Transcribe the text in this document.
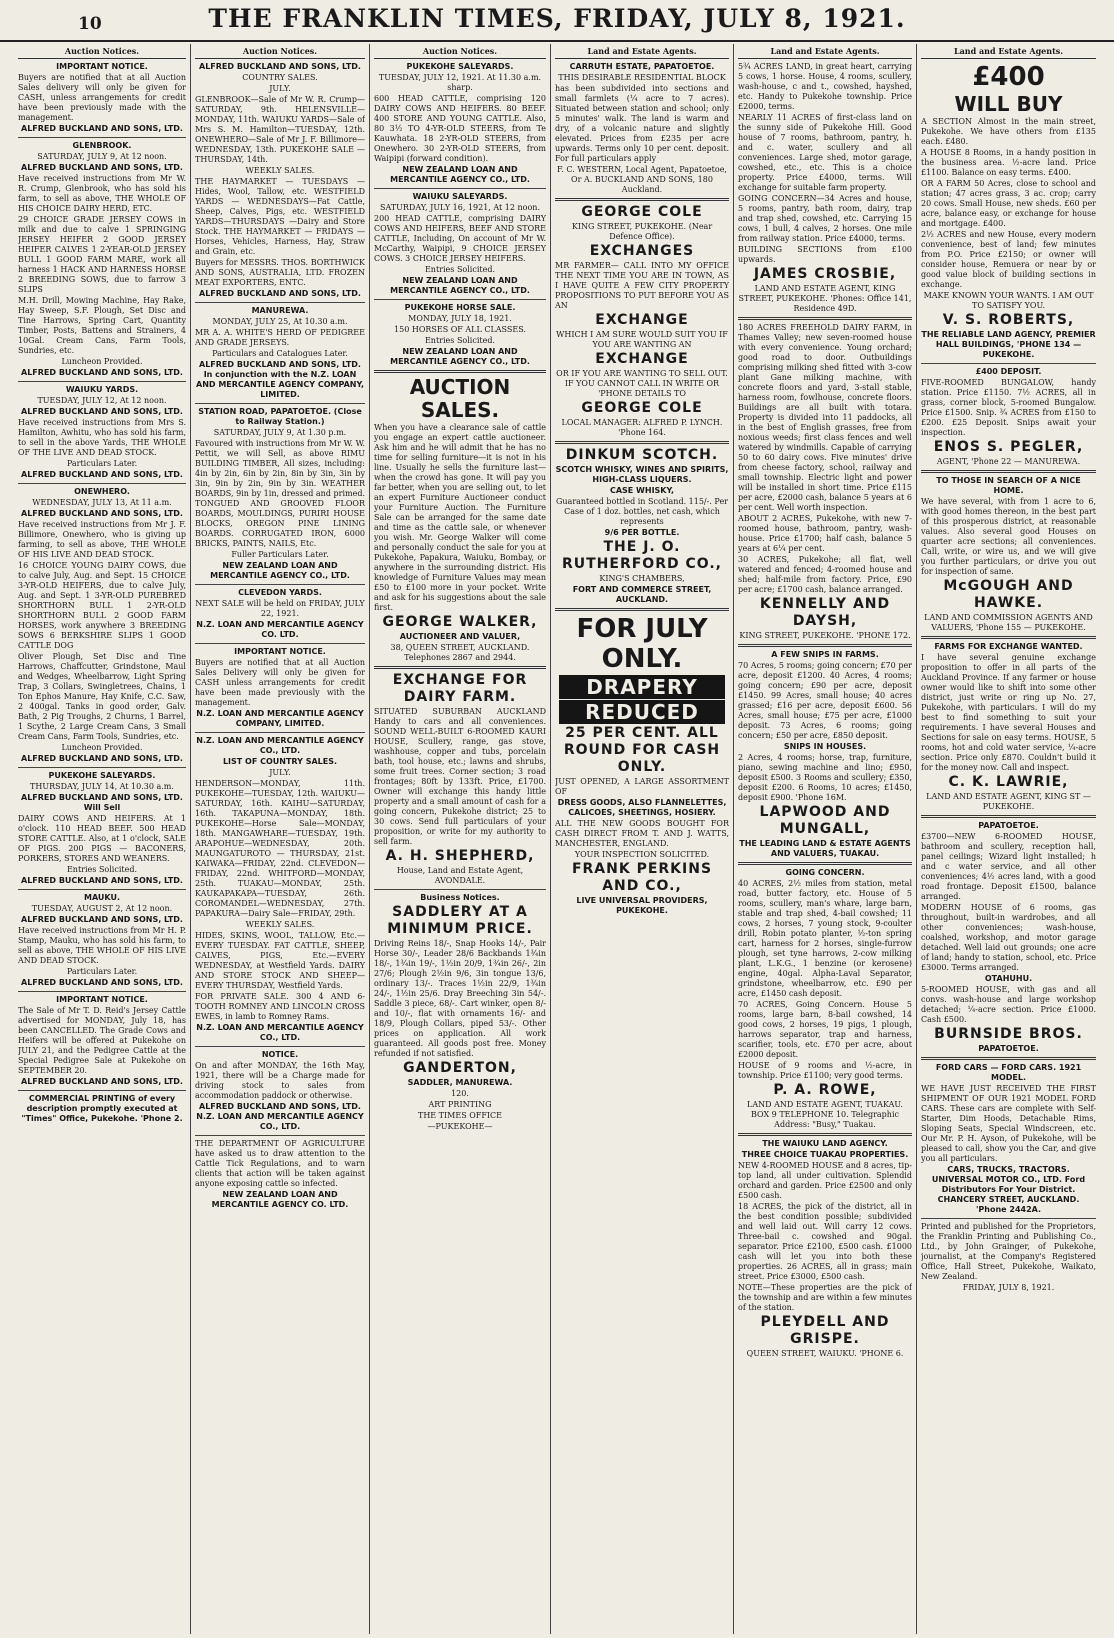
10	THE FRANKLIN TIMES, FRIDAY, JULY 8, 1921.
Auction Notices.
IMPORTANT NOTICE.
Buyers are notified that at all Auction Sales delivery will only be given for CASH, unless arrangements for credit have been previously made with the management.
ALFRED BUCKLAND AND SONS, LTD.
GLENBROOK.
SATURDAY, JULY 9, At 12 noon.
ALFRED BUCKLAND AND SONS, LTD.
Have received instructions from Mr W. R. Crump, Glenbrook, who has sold his farm, to sell as above, THE WHOLE OF HIS CHOICE DAIRY HERD, ETC.
29 CHOICE GRADE JERSEY COWS in milk and due to calve 1 SPRINGING JERSEY HEIFER 2 GOOD JERSEY HEIFER CALVES 1 2-YEAR-OLD JERSEY BULL 1 GOOD FARM MARE, work all harness 1 HACK AND HARNESS HORSE 2 BREEDING SOWS, due to farrow 3 SLIPS
M.H. Drill, Mowing Machine, Hay Rake, Hay Sweep, S.F. Plough, Set Disc and Tine Harrows, Spring Cart, Quantity Timber, Posts, Battens and Strainers, 4 10Gal. Cream Cans, Farm Tools, Sundries, etc.
Luncheon Provided.
ALFRED BUCKLAND AND SONS, LTD.
WAIUKU YARDS.
TUESDAY, JULY 12, At 12 noon.
ALFRED BUCKLAND AND SONS, LTD.
Have received instructions from Mrs S. Hamilton, Awhitu, who has sold his farm, to sell in the above Yards, THE WHOLE OF THE LIVE AND DEAD STOCK.
Particulars Later.
ALFRED BUCKLAND AND SONS, LTD.
ONEWHERO.
WEDNESDAY, JULY 13, At 11 a.m.
ALFRED BUCKLAND AND SONS, LTD.
Have received instructions from Mr J. F. Billimore, Onewhero, who is giving up farming, to sell as above, THE WHOLE OF HIS LIVE AND DEAD STOCK.
16 CHOICE YOUNG DAIRY COWS, due to calve July, Aug. and Sept. 15 CHOICE 3-YR-OLD HEIFERS, due to calve July, Aug. and Sept. 1 3-YR-OLD PUREBRED SHORTHORN BULL 1 2-YR-OLD SHORTHORN BULL 2 GOOD FARM HORSES, work anywhere 3 BREEDING SOWS 6 BERKSHIRE SLIPS 1 GOOD CATTLE DOG
Oliver Plough, Set Disc and Tine Harrows, Chaffcutter, Grindstone, Maul and Wedges, Wheelbarrow, Light Spring Trap, 3 Collars, Swingletrees, Chains, 1 Ton Ephos Manure, Hay Knife, C.C. Saw, 2 400gal. Tanks in good order, Galv. Bath, 2 Pig Troughs, 2 Churns, 1 Barrel, 1 Scythe, 2 Large Cream Cans, 3 Small Cream Cans, Farm Tools, Sundries, etc.
Luncheon Provided.
ALFRED BUCKLAND AND SONS, LTD.
PUKEKOHE SALEYARDS.
THURSDAY, JULY 14, At 10.30 a.m.
ALFRED BUCKLAND AND SONS, LTD. Will Sell
DAIRY COWS AND HEIFERS. At 1 o'clock. 110 HEAD BEEF. 500 HEAD STORE CATTLE. Also, at 1 o'clock, SALE OF PIGS. 200 PIGS — BACONERS, PORKERS, STORES AND WEANERS.
Entries Solicited.
ALFRED BUCKLAND AND SONS, LTD.
MAUKU.
TUESDAY, AUGUST 2, At 12 noon.
ALFRED BUCKLAND AND SONS, LTD.
Have received instructions from Mr H. P. Stamp, Mauku, who has sold his farm, to sell as above, THE WHOLE OF HIS LIVE AND DEAD STOCK.
Particulars Later.
ALFRED BUCKLAND AND SONS, LTD.
IMPORTANT NOTICE.
The Sale of Mr T. D. Reid's Jersey Cattle advertised for MONDAY, July 18, has been CANCELLED. The Grade Cows and Heifers will be offered at Pukekohe on JULY 21, and the Pedigree Cattle at the Special Pedigree Sale at Pukekohe on SEPTEMBER 20.
ALFRED BUCKLAND AND SONS, LTD.
COMMERCIAL PRINTING of every description promptly executed at "Times" Office, Pukekohe. 'Phone 2.
Auction Notices.
ALFRED BUCKLAND AND SONS, LTD.
COUNTRY SALES.
JULY.
GLENBROOK—Sale of Mr W. R. Crump—SATURDAY, 9th. HELENSVILLE—MONDAY, 11th. WAIUKU YARDS—Sale of Mrs S. M. Hamilton—TUESDAY, 12th. ONEWHERO—Sale of Mr J. F. Billimore—WEDNESDAY, 13th. PUKEKOHE SALE — THURSDAY, 14th.
WEEKLY SALES.
THE HAYMARKET — TUESDAYS — Hides, Wool, Tallow, etc. WESTFIELD YARDS — WEDNESDAYS—Fat Cattle, Sheep, Calves, Pigs, etc. WESTFIELD YARDS—THURSDAYS —Dairy and Store Stock. THE HAYMARKET — FRIDAYS — Horses, Vehicles, Harness, Hay, Straw and Grain, etc.
Buyers for MESSRS. THOS. BORTHWICK AND SONS, AUSTRALIA, LTD. FROZEN MEAT EXPORTERS, ENTC.
ALFRED BUCKLAND AND SONS, LTD.
MANUREWA.
MONDAY, JULY 25, At 10.30 a.m.
MR A. A. WHITE'S HERD OF PEDIGREE AND GRADE JERSEYS.
Particulars and Catalogues Later.
ALFRED BUCKLAND AND SONS, LTD. In conjunction with the N.Z. LOAN AND MERCANTILE AGENCY COMPANY, LIMITED.
STATION ROAD, PAPATOETOE. (Close to Railway Station.)
SATURDAY, JULY 9, At 1.30 p.m.
Favoured with instructions from Mr W. W. Pettit, we will Sell, as above RIMU BUILDING TIMBER, All sizes, including: 4in by 2in, 6in by 2in, 8in by 3in, 3in by 3in, 9in by 2in, 9in by 3in. WEATHER BOARDS, 9in by 1in, dressed and primed. TONGUED AND GROOVED FLOOR BOARDS, MOULDINGS, PURIRI HOUSE BLOCKS, OREGON PINE LINING BOARDS. CORRUGATED IRON, 6000 BRICKS, PAINTS, NAILS, Etc.
Fuller Particulars Later.
NEW ZEALAND LOAN AND MERCANTILE AGENCY CO., LTD.
CLEVEDON YARDS.
NEXT SALE will be held on FRIDAY, JULY 22, 1921.
N.Z. LOAN AND MERCANTILE AGENCY CO. LTD.
IMPORTANT NOTICE.
Buyers are notified that at all Auction Sales Delivery will only be given for CASH unless arrangements for credit have been made previously with the management.
N.Z. LOAN AND MERCANTILE AGENCY COMPANY, LIMITED.
N.Z. LOAN AND MERCANTILE AGENCY CO., LTD.
LIST OF COUNTRY SALES.
JULY.
HENDERSON—MONDAY, 11th. PUKEKOHE—TUESDAY, 12th. WAIUKU—SATURDAY, 16th. KAIHU—SATURDAY, 16th. TAKAPUNA—MONDAY, 18th. PUKEKOHE—Horse Sale—MONDAY, 18th. MANGAWHARE—TUESDAY, 19th. ARAPOHUE—WEDNESDAY, 20th. MAUNGATUROTO — THURSDAY, 21st. KAIWAKA—FRIDAY, 22nd. CLEVEDON—FRIDAY, 22nd. WHITFORD—MONDAY, 25th. TUAKAU—MONDAY, 25th. KAUKAPAKAPA—TUESDAY, 26th. COROMANDEL—WEDNESDAY, 27th. PAPAKURA—Dairy Sale—FRIDAY, 29th.
WEEKLY SALES.
HIDES, SKINS, WOOL, TALLOW, Etc.—EVERY TUESDAY. FAT CATTLE, SHEEP, CALVES, PIGS, Etc.—EVERY WEDNESDAY, at Westfield Yards. DAIRY AND STORE STOCK AND SHEEP—EVERY THURSDAY, Westfield Yards.
FOR PRIVATE SALE. 300 4 AND 6-TOOTH ROMNEY AND LINCOLN CROSS EWES, in lamb to Romney Rams.
N.Z. LOAN AND MERCANTILE AGENCY CO., LTD.
NOTICE.
On and after MONDAY, the 16th May, 1921, there will be a Charge made for driving stock to sales from accommodation paddock or otherwise.
ALFRED BUCKLAND AND SONS, LTD. N.Z. LOAN AND MERCANTILE AGENCY CO., LTD.
THE DEPARTMENT OF AGRICULTURE have asked us to draw attention to the Cattle Tick Regulations, and to warn clients that action will be taken against anyone exposing cattle so infected.
NEW ZEALAND LOAN AND MERCANTILE AGENCY CO. LTD.
Auction Notices.
PUKEKOHE SALEYARDS.
TUESDAY, JULY 12, 1921. At 11.30 a.m. sharp.
600 HEAD CATTLE, comprising 120 DAIRY COWS AND HEIFERS. 80 BEEF. 400 STORE AND YOUNG CATTLE. Also, 80 3½ TO 4-YR-OLD STEERS, from Te Kauwhata. 18 2-YR-OLD STEERS, from Onewhero. 30 2-YR-OLD STEERS, from Waipipi (forward condition).
NEW ZEALAND LOAN AND MERCANTILE AGENCY CO., LTD.
WAIUKU SALEYARDS.
SATURDAY, JULY 16, 1921, At 12 noon.
200 HEAD CATTLE, comprising DAIRY COWS AND HEIFERS, BEEF AND STORE CATTLE, Including, On account of Mr W. McCarthy, Waipipi, 9 CHOICE JERSEY COWS. 3 CHOICE JERSEY HEIFERS.
Entries Solicited.
NEW ZEALAND LOAN AND MERCANTILE AGENCY CO., LTD.
PUKEKOHE HORSE SALE.
MONDAY, JULY 18, 1921.
150 HORSES OF ALL CLASSES.
Entries Solicited.
NEW ZEALAND LOAN AND MERCANTILE AGENCY CO., LTD.
AUCTION SALES.
When you have a clearance sale of cattle you engage an expert cattle auctioneer. Ask him and he will admit that he has no time for selling furniture—it is not in his line. Usually he sells the furniture last—when the crowd has gone. It will pay you far better, when you are selling out, to let an expert Furniture Auctioneer conduct your Furniture Auction. The Furniture Sale can be arranged for the same date and time as the cattle sale, or whenever you wish. Mr. George Walker will come and personally conduct the sale for you at Pukekohe, Papakura, Waiuku, Bombay, or anywhere in the surrounding district. His knowledge of Furniture Values may mean £50 to £100 more in your pocket. Write and ask for his suggestions about the sale first.
GEORGE WALKER,
AUCTIONEER AND VALUER,
38, QUEEN STREET, AUCKLAND. Telephones 2867 and 2944.
EXCHANGE FOR DAIRY FARM.
SITUATED SUBURBAN AUCKLAND Handy to cars and all conveniences. SOUND WELL-BUILT 6-ROOMED KAURI HOUSE, Scullery, range, gas stove, washhouse, copper and tubs, porcelain bath, tool house, etc.; lawns and shrubs, some fruit trees. Corner section; 3 road frontages; 80ft by 133ft. Price, £1700. Owner will exchange this handy little property and a small amount of cash for a going concern, Pukekohe district; 25 to 30 cows. Send full particulars of your proposition, or write for my authority to sell farm.
A. H. SHEPHERD,
House, Land and Estate Agent, AVONDALE.
Business Notices.
SADDLERY AT A MINIMUM PRICE.
Driving Reins 18/-, Snap Hooks 14/-, Pair Horse 30/-, Leader 28/6 Backbands 1¾in 18/-, 1¾in 19/-, 1½in 20/9, 1¾in 26/-, 2in 27/6; Plough 2½in 9/6, 3in tongue 13/6, ordinary 13/-. Traces 1½in 22/9, 1¾in 24/-, 1½in 25/6. Dray Breeching 3in 54/-. Saddle 3 piece, 68/-. Cart winker, open 8/- and 10/-, flat with ornaments 16/- and 18/9, Plough Collars, piped 53/-. Other prices on application. All work guaranteed. All goods post free. Money refunded if not satisfied.
GANDERTON,
SADDLER, MANUREWA.
120.
ART PRINTING
THE TIMES OFFICE
—PUKEKOHE—
Land and Estate Agents.
CARRUTH ESTATE, PAPATOETOE.
THIS DESIRABLE RESIDENTIAL BLOCK
has been subdivided into sections and small farmlets (¼ acre to 7 acres). Situated between station and school; only 5 minutes' walk. The land is warm and dry, of a volcanic nature and slightly elevated. Prices from £235 per acre upwards. Terms only 10 per cent. deposit. For full particulars apply
F. C. WESTERN, Local Agent, Papatoetoe, Or A. BUCKLAND AND SONS, 180 Auckland.
GEORGE COLE
KING STREET, PUKEKOHE. (Near Defence Office).
EXCHANGES
MR FARMER— CALL INTO MY OFFICE THE NEXT TIME YOU ARE IN TOWN, AS I HAVE QUITE A FEW CITY PROPERTY PROPOSITIONS TO PUT BEFORE YOU AS AN
EXCHANGE
WHICH I AM SURE WOULD SUIT YOU IF YOU ARE WANTING AN
EXCHANGE
OR IF YOU ARE WANTING TO SELL OUT. IF YOU CANNOT CALL IN WRITE OR 'PHONE DETAILS TO
GEORGE COLE
LOCAL MANAGER: ALFRED P. LYNCH. 'Phone 164.
DINKUM SCOTCH.
SCOTCH WHISKY, WINES AND SPIRITS, HIGH-CLASS LIQUERS.
CASE WHISKY,
Guaranteed bottled in Scotland. 115/-. Per Case of 1 doz. bottles, net cash, which represents
9/6 PER BOTTLE.
THE J. O. RUTHERFORD CO.,
KING'S CHAMBERS,
FORT AND COMMERCE STREET, AUCKLAND.
FOR JULY ONLY.
DRAPERY
REDUCED
25 PER CENT. ALL ROUND FOR CASH ONLY.
JUST OPENED, A LARGE ASSORTMENT OF
DRESS GOODS, ALSO FLANNELETTES, CALICOES, SHEETINGS, HOSIERY.
ALL THE NEW GOODS BOUGHT FOR CASH DIRECT FROM T. AND J. WATTS, MANCHESTER, ENGLAND.
YOUR INSPECTION SOLICITED.
FRANK PERKINS AND CO.,
LIVE UNIVERSAL PROVIDERS, PUKEKOHE.
Land and Estate Agents.
5¾ ACRES LAND, in great heart, carrying 5 cows, 1 horse. House, 4 rooms, scullery, wash-house, c and t., cowshed, hayshed, etc. Handy to Pukekohe township. Price £2000, terms.
NEARLY 11 ACRES of first-class land on the sunny side of Pukekohe Hill. Good house of 7 rooms, bathroom, pantry, h. and c. water, scullery and all conveniences. Large shed, motor garage, cowshed, etc., etc. This is a choice property. Price £4000, terms. Will exchange for suitable farm property.
GOING CONCERN—34 Acres and house, 5 rooms, pantry, bath room, dairy, trap and trap shed, cowshed, etc. Carrying 15 cows, 1 bull, 4 calves, 2 horses. One mile from railway station. Price £4000, terms.
BUILDING SECTIONS from £100 upwards.
JAMES CROSBIE,
LAND AND ESTATE AGENT, KING STREET, PUKEKOHE. 'Phones: Office 141, Residence 49D.
180 ACRES FREEHOLD DAIRY FARM, in Thames Valley; new seven-roomed house with every convenience. Young orchard; good road to door. Outbuildings comprising milking shed fitted with 3-cow plant Gane milking machine, with concrete floors and yard, 3-stall stable, harness room, fowlhouse, concrete floors. Buildings are all built with totara. Property is divided into 11 paddocks, all in the best of English grasses, free from noxious weeds; first class fences and well watered by windmills. Capable of carrying 50 to 60 dairy cows. Five minutes' drive from cheese factory, school, railway and small township. Electric light and power will be installed in short time. Price £115 per acre, £2000 cash, balance 5 years at 6 per cent. Well worth inspection.
ABOUT 2 ACRES, Pukekohe, with new 7-roomed house, bathroom, pantry, wash-house. Price £1700; half cash, balance 5 years at 6¼ per cent.
30 ACRES, Pukekohe; all flat, well watered and fenced; 4-roomed house and shed; half-mile from factory. Price, £90 per acre; £1700 cash, balance arranged.
KENNELLY AND DAYSH,
KING STREET, PUKEKOHE. 'PHONE 172.
A FEW SNIPS IN FARMS.
70 Acres, 5 rooms; going concern; £70 per acre, deposit £1200. 40 Acres, 4 rooms; going concern; £90 per acre, deposit £1450. 99 Acres, small house; 40 acres grassed; £16 per acre, deposit £600. 56 Acres, small house; £75 per acre, £1000 deposit. 73 Acres, 6 rooms; going concern; £50 per acre, £850 deposit.
SNIPS IN HOUSES.
2 Acres, 4 rooms; horse, trap, furniture, piano, sewing machine and lino; £950, deposit £500. 3 Rooms and scullery; £350, deposit £200. 6 Rooms, 10 acres; £1450, deposit £900. 'Phone 16M.
LAPWOOD AND MUNGALL,
THE LEADING LAND & ESTATE AGENTS AND VALUERS, TUAKAU.
GOING CONCERN.
40 ACRES, 2½ miles from station, metal road, butter factory, etc. House of 5 rooms, scullery, man's whare, large barn, stable and trap shed, 4-bail cowshed; 11 cows, 2 horses, 7 young stock, 9-coulter drill, Robin potato planter, ½-ton spring cart, harness for 2 horses, single-furrow plough, set tyne harrows, 2-cow milking plant, L.K.G., 1 benzine (or kerosene) engine, 40gal. Alpha-Laval Separator, grindstone, wheelbarrow, etc. £90 per acre, £1450 cash deposit.
70 ACRES, Going Concern. House 5 rooms, large barn, 8-bail cowshed, 14 good cows, 2 horses, 19 pigs, 1 plough, harrows separator, trap and harness, scarifier, tools, etc. £70 per acre, about £2000 deposit.
HOUSE of 9 rooms and ½-acre, in township. Price £1100; very good terms.
P. A. ROWE,
LAND AND ESTATE AGENT, TUAKAU. BOX 9 TELEPHONE 10. Telegraphic Address: "Busy," Tuakau.
THE WAIUKU LAND AGENCY.
THREE CHOICE TUAKAU PROPERTIES.
NEW 4-ROOMED HOUSE and 8 acres, tip-top land, all under cultivation. Splendid orchard and garden. Price £2500 and only £500 cash.
18 ACRES, the pick of the district, all in the best condition possible; subdivided and well laid out. Will carry 12 cows. Three-bail c. cowshed and 90gal. separator. Price £2100, £500 cash. £1000 cash will let you into both these properties. 26 ACRES, all in grass; main street. Price £3000, £500 cash.
NOTE—These properties are the pick of the township and are within a few minutes of the station.
PLEYDELL AND GRISPE.
QUEEN STREET, WAIUKU. 'PHONE 6.
Land and Estate Agents.
£400
WILL BUY
A SECTION Almost in the main street, Pukekohe. We have others from £135 each. £480.
A HOUSE 8 Rooms, in a handy position in the business area. ½-acre land. Price £1100. Balance on easy terms. £400.
OR A FARM 50 Acres, close to school and station; 47 acres grass, 3 ac. crop; carry 20 cows. Small House, new sheds. £60 per acre, balance easy, or exchange for house and mortgage. £400.
2½ ACRES and new House, every modern convenience, best of land; few minutes from P.O. Price £2150; or owner will consider house, Remuera or near by or good value block of building sections in exchange.
MAKE KNOWN YOUR WANTS. I AM OUT TO SATISFY YOU.
V. S. ROBERTS,
THE RELIABLE LAND AGENCY, PREMIER HALL BUILDINGS, 'PHONE 134 — PUKEKOHE.
£400 DEPOSIT.
FIVE-ROOMED BUNGALOW, handy station. Price £1150. 7½ ACRES, all in grass, corner block, 5-roomed Bungalow. Price £1500. Snip. ¾ ACRES from £150 to £200. £25 Deposit. Snips await your inspection.
ENOS S. PEGLER,
AGENT, 'Phone 22 — MANUREWA.
TO THOSE IN SEARCH OF A NICE HOME.
We have several, with from 1 acre to 6, with good homes thereon, in the best part of this prosperous district, at reasonable values. Also several good Houses on quarter acre sections; all conveniences. Call, write, or wire us, and we will give you further particulars, or drive you out for inspection of same.
McGOUGH AND HAWKE.
LAND AND COMMISSION AGENTS AND VALUERS, 'Phone 155 — PUKEKOHE.
FARMS FOR EXCHANGE WANTED.
I have several genuine exchange proposition to offer in all parts of the Auckland Province. If any farmer or house owner would like to shift into some other district, just write or ring up No. 27, Pukekohe, with particulars. I will do my best to find something to suit your requirements. I have several Houses and Sections for sale on easy terms. HOUSE, 5 rooms, hot and cold water service, ¼-acre section. Price only £870. Couldn't build it for the money now. Call and inspect.
C. K. LAWRIE,
LAND AND ESTATE AGENT, KING ST — PUKEKOHE.
PAPATOETOE.
£3700—NEW 6-ROOMED HOUSE, bathroom and scullery, reception hall, panel ceilings; Wizard light installed; h and c water service, and all other conveniences; 4½ acres land, with a good road frontage. Deposit £1500, balance arranged.
MODERN HOUSE of 6 rooms, gas throughout, built-in wardrobes, and all other conveniences; wash-house, coalshed, workshop, and motor garage detached. Well laid out grounds; one acre of land; handy to station, school, etc. Price £3000. Terms arranged.
OTAHUHU.
5-ROOMED HOUSE, with gas and all convs. wash-house and large workshop detached; ¼-acre section. Price £1000. Cash £500.
BURNSIDE BROS.
PAPATOETOE.
FORD CARS — FORD CARS. 1921 MODEL.
WE HAVE JUST RECEIVED THE FIRST SHIPMENT OF OUR 1921 MODEL FORD CARS. These cars are complete with Self-Starter, Dim Hoods, Detachable Rims, Sloping Seats, Special Windscreen, etc. Our Mr. P. H. Ayson, of Pukekohe, will be pleased to call, show you the Car, and give you all particulars.
CARS, TRUCKS, TRACTORS. UNIVERSAL MOTOR CO., LTD. Ford Distributors For Your District. CHANCERY STREET, AUCKLAND. 'Phone 2442A.
Printed and published for the Proprietors, the Franklin Printing and Publishing Co., Ltd., by John Grainger, of Pukekohe, journalist, at the Company's Registered Office, Hall Street, Pukekohe, Waikato, New Zealand.
FRIDAY, JULY 8, 1921.
